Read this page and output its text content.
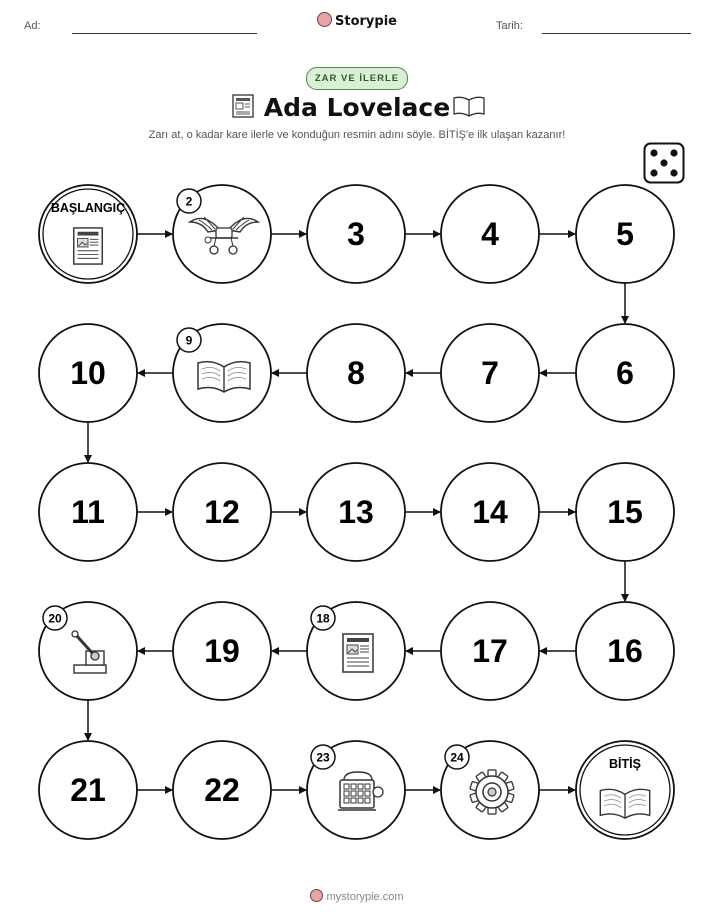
Ad:	Tarih:
Storypie
ZAR VE İLERLE
Ada Lovelace
Zarı at, o kadar kare ilerle ve konduğun resmin adını söyle. BİTİŞ'e ilk ulaşan kazanır!
BAŞLANGIÇ	2
3	4	5
6
7
8
9
10
11	12	13	14	15
16
17
18
19
20
21	22
23	24	BİTİŞ
mystorypie.com
